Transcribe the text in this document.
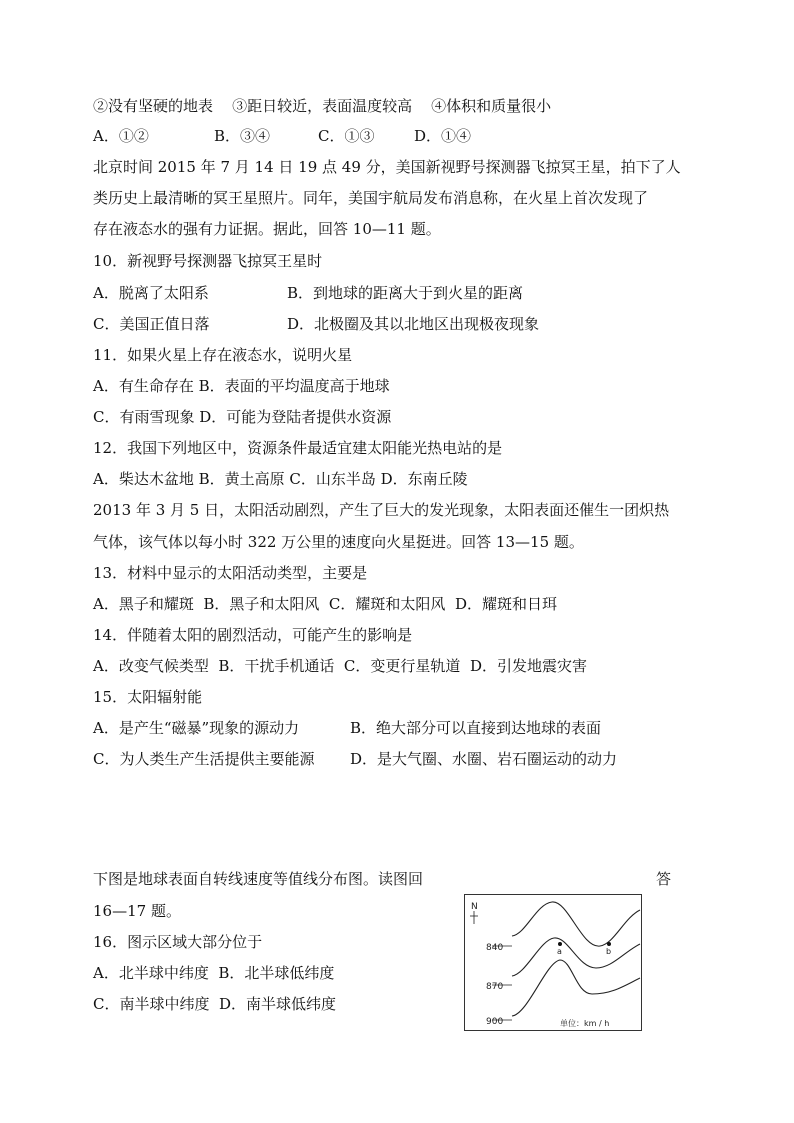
②没有坚硬的地表    ③距日较近，表面温度较高    ④体积和质量很小
A．①②	B．③④	C．①③	D．①④
北京时间 2015 年 7 月 14 日 19 点 49 分，美国新视野号探测器飞掠冥王星，拍下了人
类历史上最清晰的冥王星照片。同年，美国宇航局发布消息称，在火星上首次发现了
存在液态水的强有力证据。据此，回答 10—11 题。
10．新视野号探测器飞掠冥王星时
A．脱离了太阳系	B．到地球的距离大于到火星的距离
C．美国正值日落	D．北极圈及其以北地区出现极夜现象
11．如果火星上存在液态水，说明火星
A．有生命存在 B．表面的平均温度高于地球
C．有雨雪现象 D．可能为登陆者提供水资源
12．我国下列地区中，资源条件最适宜建太阳能光热电站的是
A．柴达木盆地 B．黄土高原 C．山东半岛 D．东南丘陵
2013 年 3 月 5 日，太阳活动剧烈，产生了巨大的发光现象，太阳表面还催生一团炽热
气体，该气体以每小时 322 万公里的速度向火星挺进。回答 13—15 题。
13．材料中显示的太阳活动类型，主要是
A．黑子和耀斑  B．黑子和太阳风  C．耀斑和太阳风  D．耀斑和日珥
14．伴随着太阳的剧烈活动，可能产生的影响是
A．改变气候类型  B．干扰手机通话  C．变更行星轨道  D．引发地震灾害
15．太阳辐射能
A．是产生“磁暴”现象的源动力	B．绝大部分可以直接到达地球的表面
C．为人类生产生活提供主要能源 D．是大气圈、水圈、岩石圈运动的动力
下图是地球表面自转线速度等值线分布图。读图回	答
16—17 题。
16．图示区域大部分位于
A．北半球中纬度  B．北半球低纬度
C．南半球中纬度  D．南半球低纬度
N
840
870
900
a	b
单位：km / h
